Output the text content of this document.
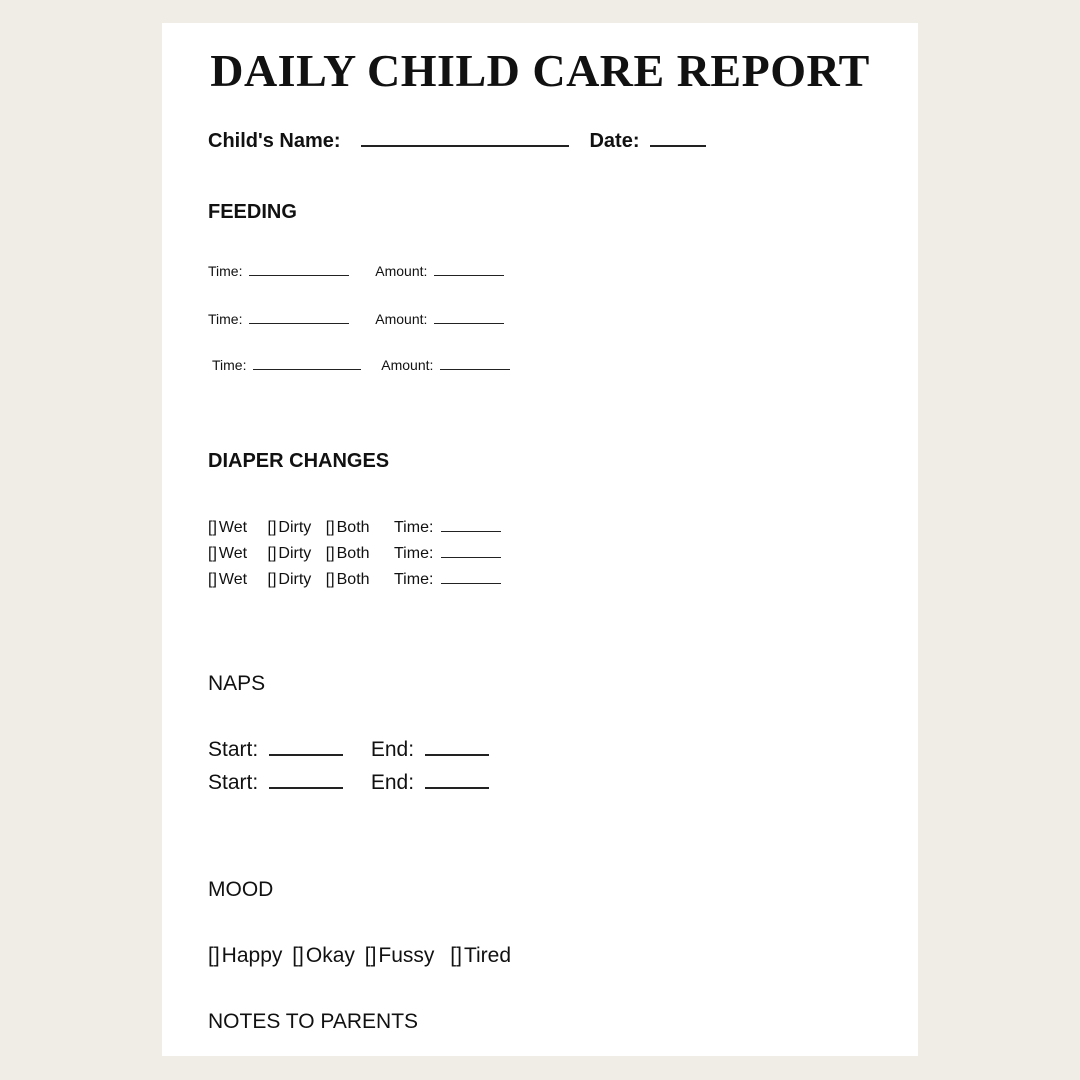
DAILY CHILD CARE REPORT
Child's Name:	Date:
FEEDING
Time:	Amount:
Time:	Amount:
Time:	Amount:
DIAPER CHANGES
[] Wet [] Dirty [] Both Time:
[] Wet [] Dirty [] Both Time:
[] Wet [] Dirty [] Both Time:
NAPS
Start:	End:
Start:	End:
MOOD
[]Happy []Okay []Fussy []Tired
NOTES TO PARENTS
